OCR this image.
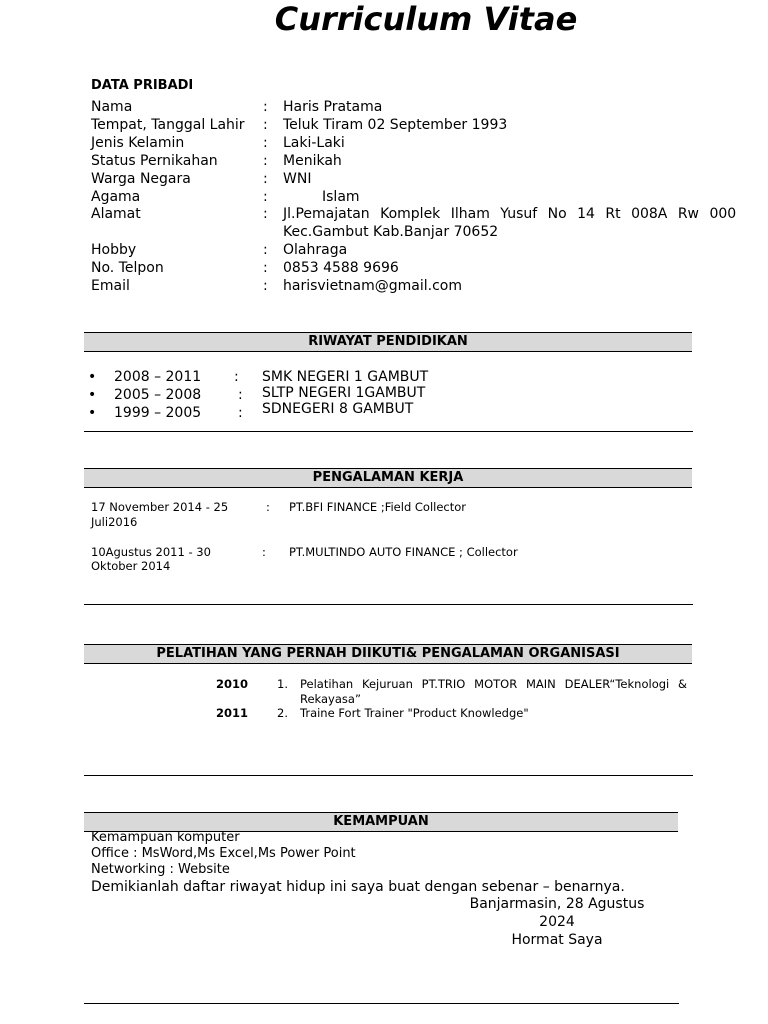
Curriculum Vitae
DATA PRIBADI
Nama	: Haris Pratama
Tempat, Tanggal Lahir : Teluk Tiram 02 September 1993
Jenis Kelamin	: Laki-Laki
Status Pernikahan	: Menikah
Warga Negara	: WNI
Agama	:	Islam
Alamat	: Jl.Pemajatan Komplek Ilham Yusuf No 14 Rt 008A Rw 000
Kec.Gambut Kab.Banjar 70652
Hobby	: Olahraga
No. Telpon	: 0853 4588 9696
Email	: harisvietnam@gmail.com
RIWAYAT PENDIDIKAN
• 2008 – 2011 : SMK NEGERI 1 GAMBUT
• 2005 – 2008	: SLTP NEGERI 1GAMBUT
• 1999 – 2005	: SDNEGERI 8 GAMBUT
PENGALAMAN KERJA
17 November 2014 - 25
Juli2016
: PT.BFI FINANCE ;Field Collector
10Agustus 2011 - 30
Oktober 2014
: PT.MULTINDO AUTO FINANCE ; Collector
PELATIHAN YANG PERNAH DIIKUTI& PENGALAMAN ORGANISASI
2010	1. Pelatihan Kejuruan PT.TRIO MOTOR MAIN DEALER“Teknologi &
Rekayasa”
2011	2. Traine Fort Trainer "Product Knowledge"
KEMAMPUAN
Kemampuan komputer
Office : MsWord,Ms Excel,Ms Power Point
Networking : Website
Demikianlah daftar riwayat hidup ini saya buat dengan sebenar – benarnya.
Banjarmasin, 28 Agustus
2024
Hormat Saya
